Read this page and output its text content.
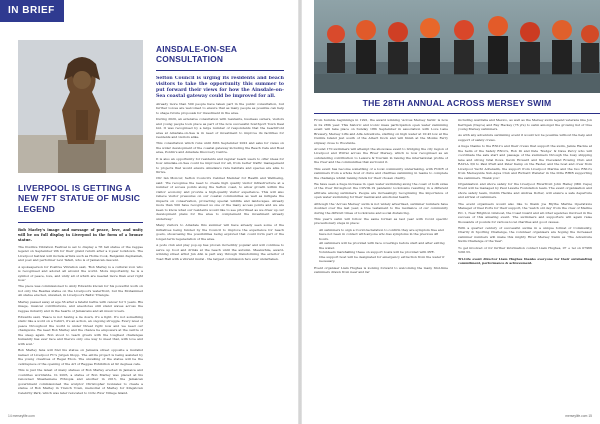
IN BRIEF
LIVERPOOL IS GETTING A NEW 7FT STATUE OF MUSIC LEGEND

Bob Marley's image and message of peace, love, and unity will be on full display in Liverpool in the form of a bronze statue.

The Positive Vibration Festival is set to display a 7ft tall statue of the reggae legend on September 9th for their grand return after a 2-year lockdown. The Liverpool festival will include artists such as Hollie Cook, Benjamin Zephaniah, and poet and performer Levi Tafari, who is of Jamaican descent.

A spokesperson for Positive Vibration said, 'Bob Marley is a cultural icon who is recognised and adored all around the world. More importantly, he is a symbol of peace, love, and unity all of which are needed more than ever right now.'

The piece was commissioned to Andy Edwards known for his powerful work on not only the Beatles statue on the Liverpool's waterfront, but the Mohammed Ali statue erected, unveiled, in Liverpool's Baltic Triangle.

Marley passed away at age 36 after a fateful battle with cancer for 5 years. His image, musical contributions, and anecdotes still stand waves across the reggae industry and in the hearts of Jamaicans and all music lovers.

Edwards said, 'Peace is not having a lie down, it's a fight. It's not something static like a word on a T-shirt, it's an action, an ongoing struggle. Every level of peace throughout the world is under threat right now and we need our champions. We need Bob Marley and the chance he empowers at the centre of the sleep again. Bob stood to teach givers with the toughest challenges humanity has ever face and there's only one way to meet that, with love and with soul.'

Bob Marley fans will find his statue on Jamaica street opposite a muralist named of Liverpool FC's Jurgen Klopp. The entire project is being assisted by the young creatives of Regal Ebon. The unveiling of the statue will be the centrepiece of the opening of the Art of Reggae Exhibition at 92 degrees cafe.

This is just the latest of many statues of Bob Marley erected in Jamaica and countries worldwide. In 2005, a statue of Bob Marley was placed at his renowned Shashemene Ethiopia and another in 2015, the Jamaican government commissioned the sculptor Christopher Gonzalez to create a statue of Bob Marley in Trench Town, memorial of Marley for Kingstown Celebrity Park, which was later relocated to Ocho Rios' Village Island.

AINSDALE-ON-SEA CONSULTATION

Sefton Council is urging its residents and beach visitors to take the opportunity this summer to put forward their views for how the Ainsdale-on-Sea coastal gateway could be improved for all.

Already more than 500 people have taken part in the public consultation, but further voices are welcomed to ensure that as many people as possible can help to shape future proposals for investment in the area.

During 2020, an extensive consultation with residents, business owners, visitors and young people took place as part of the now successful Southport Town Deal bid. It was recognised by a large number of respondents that the beachfront area at Ainsdale-on-Sea is in need of investment to improve its facilities for residents and visitors alike.

This consultation which runs until 30th September 2022 and asks for views on the wider development of the coastal gateway including the Beach Cafe and Boat area, Pontin's and Ainsdale Discovery Centre.

It is also an opportunity for residents and regular beach users to offer ideas for how Ainsdale-on-Sea could be improved for all, from better traffic management to projects that would ensure Ainsdale's rare habitats and species are able to thrive.

Cllr Ian Moncur, Sefton Council's Cabinet Member for Health and Wellbeing, said: 'We recognise the need to create high quality visitor infrastructure at a number of access points along the Sefton coast, to allow growth within the visitor economy and provide a high-quality visitor experience. This will also relieve visitor pressures on our coastal communities as well as mitigate the impacts on conservation, protecting special wildlife and landscapes. Already more than 500 have recognised us one of the many access points and we are keen to know what our residents would like to see prioritised as we draw up our development plans for the area to complement the investment already underway.'

Many visitors to Ainsdale this summer will have already seen some of the initiatives being funded by the Council to improve the experience for beach goers, showcasing the possibilities being explored that could form part of the longer-term regeneration of the area.

A pods club and play pop-up has proven incredibly popular and will continue to serve up food and drinks at the beach until the autumn. Meanwhile, award-winning street artist Jun Ahn is part way through transforming the exterior of Toad Hall with a vibrant mural - the largest commission he's ever undertaken.

14 merseylife.com
THE 28TH ANNUAL ACROSS MERSEY SWIM

From humble beginnings in 1991, the award winning 'Across Mersey Swim' is now in its 28th year. This historic and iconic mass participation open water swimming event will take place on Sunday 18th September in association with Love Lane Brewery, Mersey Lifts and Alfa Adventure, starting on high water at 10:45 low at the Cunlife Island just south of the Albert Dock and will finish at the Monks Ferry slipway close to Woodside.

Around 170 swimmers will attempt the showcase event to bridging the city region of Liverpool and Wirral across the River Mersey, which is now recognised as an outstanding contribution to Leisure & Tourism in raising the international profile of the river and the communities that surround it.

This event has become something of a local community undertaking, with FOUR of swimmers from a whole host of clubs and charities swimming in teams to complete the challenge whilst raising funds for their chosen charity.

We have seen a huge increase in open water swimming along the coast of both sides of the river throughout the COVID-19 pandemic lockdowns resulting in a different attitude among swimmers. People are increasingly recognising the importance of open water swimming for their mental and emotional health.

Although the 'Across Mersey' swim is not widely advertised, swimmer numbers have doubled over the last year, a true testament to the resilience of our community during the difficult times of lockdowns and social distancing.

This year's swim will follow the same format as last year with Covid specific precautionary steps in place:

• All swimmers to sign a Covid declaration to confirm they are symptom free and have not been in contact with anyone who has symptoms in the previous 48 hours.
• All swimmers will be provided with face coverings before start and after exiting the water.
• Volunteers marshalling these on support boats will be provided with PPE.
• One support boat will be designated for emergency extraction from the water if necessary.

Event organiser Liam Hughes is looking forward to welcoming the many first-time swimmers drawn from near and far

including Australia and Mexico, as well as the Mersey swim legend veterans like Jon Kerrigan (Nayce) and Ray Hackey (76 yrs) to swim amongst the growing list of true young Mersey swimmers.

As with any adventure swimming event it would not be possible without the help and support of safety crews.

A huge thanks to the RNLI's and their crews that support the swim, Jamie Hackie at the helm of the Safety RNLI's, Rob Di and Pete 'Nudge' & Dave Percy who will coordinate the safe start and passage of the swimmers through the busy shipping lane and strong tidal flows. Kevin Howard and the Cleveland Rowing Club and RAYLA 3/0 to Paul Pratt and Peter Kemp on the Faster, and the boat and crew from Liverpool Yacht Adrenalin, the support from Liverpool Marina and the two RNLI's from Merseyside Sub-Aqua Club and Richard Webster in the little RHIB supporting the swimmers. Thank you!

Organisation and shore safety for the Liverpool Riverfront John Hailey (Mill Cape) Event will be managed by Paul Lavelle Foundation team. The event organisation and shore safety team, Dublin Hackie and Andrea Dotter, will ensure a safe departure and arrival of swimmers.

The event organisers would also like to thank Joe Blythe Marine Operations Manager of Peel Ports for their support, the 'watch old dey' from the crew of Marine Pro 1, New Brighton Lifeboat, the Coast Guard and all other agencies involved in the success of this amazing event. The swimmers and supporters will again raise thousands of pounds for various local charities and good causes.

With a quarter century of successful swims in a unique format of Community, Charity & Sporting Challenge, the volunteer organisers are hoping the increased swimmer numbers will make this mighty River Mersey Swim as 'The Adventure Swim Challenge of the Year'.

To get involved or for further information contact Liam Hughes, 07 + tel on 07966 529133.

Tri-Life event director Liam Hughes thanks everyone for their outstanding commitment, performance & achievement.

merseylife.com 15
